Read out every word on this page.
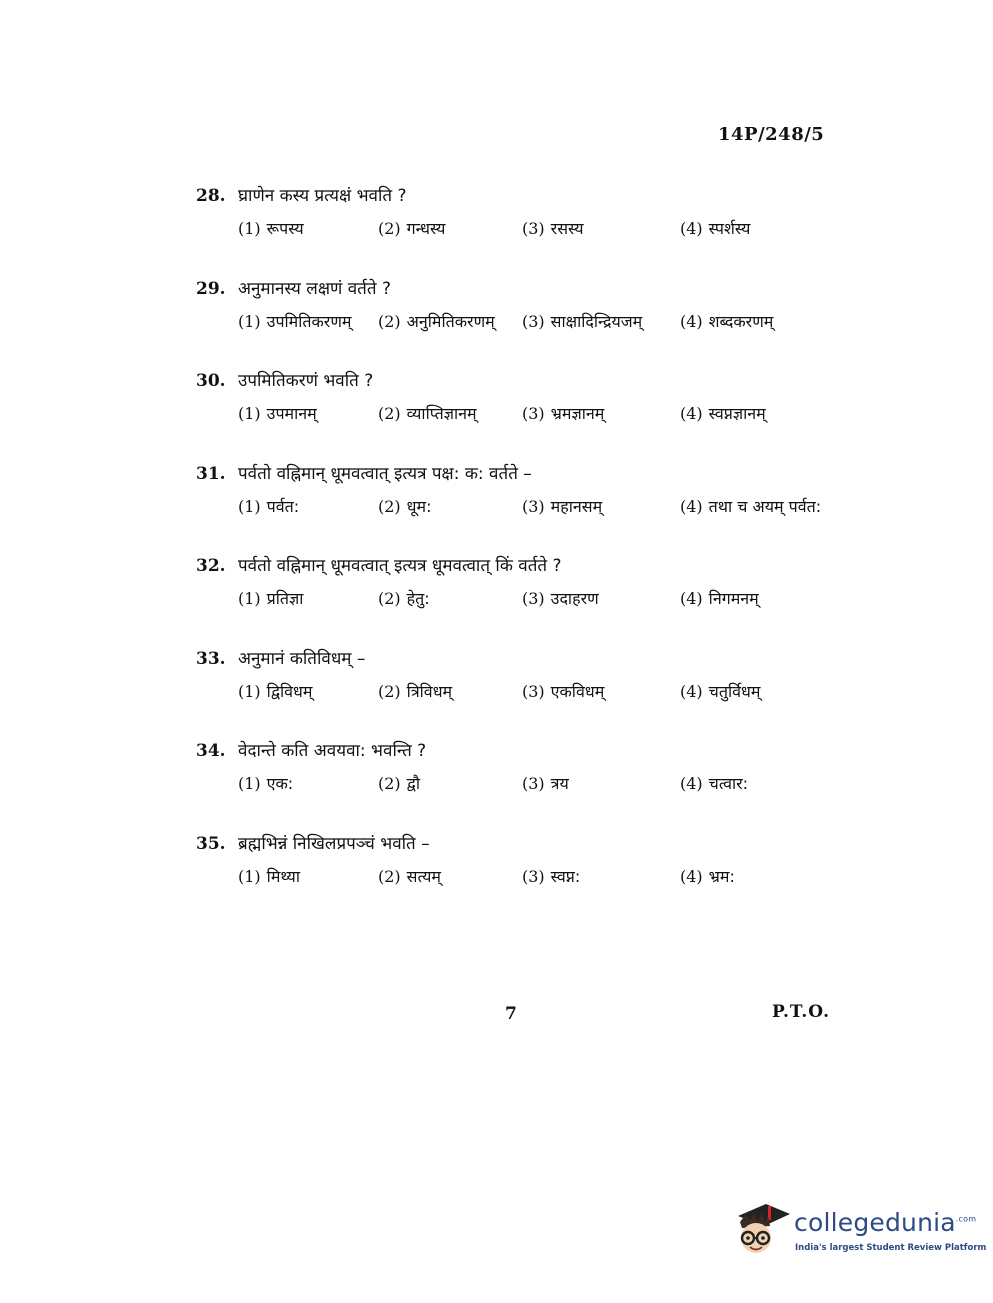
14P/248/5
28. घ्राणेन कस्य प्रत्यक्षं भवति ?
(1) रूपस्य	(2) गन्धस्य	(3) रसस्य	(4) स्पर्शस्य
29. अनुमानस्य लक्षणं वर्तते ?
(1) उपमितिकरणम् (2) अनुमितिकरणम् (3) साक्षादिन्द्रियजम् (4) शब्दकरणम्
30. उपमितिकरणं भवति ?
(1) उपमानम्	(2) व्याप्तिज्ञानम्	(3) भ्रमज्ञानम्	(4) स्वप्नज्ञानम्
31. पर्वतो वह्निमान् धूमवत्वात् इत्यत्र पक्ष: क: वर्तते –
(1) पर्वत:	(2) धूम:	(3) महानसम्	(4) तथा च अयम् पर्वत:
32. पर्वतो वह्निमान् धूमवत्वात् इत्यत्र धूमवत्वात् किं वर्तते ?
(1) प्रतिज्ञा	(2) हेतु:	(3) उदाहरण	(4) निगमनम्
33. अनुमानं कतिविधम् –
(1) द्विविधम्	(2) त्रिविधम्	(3) एकविधम्	(4) चतुर्विधम्
34. वेदान्ते कति अवयवा: भवन्ति ?
(1) एक:	(2) द्वौ	(3) त्रय	(4) चत्वार:
35. ब्रह्मभिन्नं निखिलप्रपञ्चं भवति –
(1) मिथ्या	(2) सत्यम्	(3) स्वप्न:	(4) भ्रम:
7	P.T.O.
collegedunia$^{.com}$
India's largest Student Review Platform
